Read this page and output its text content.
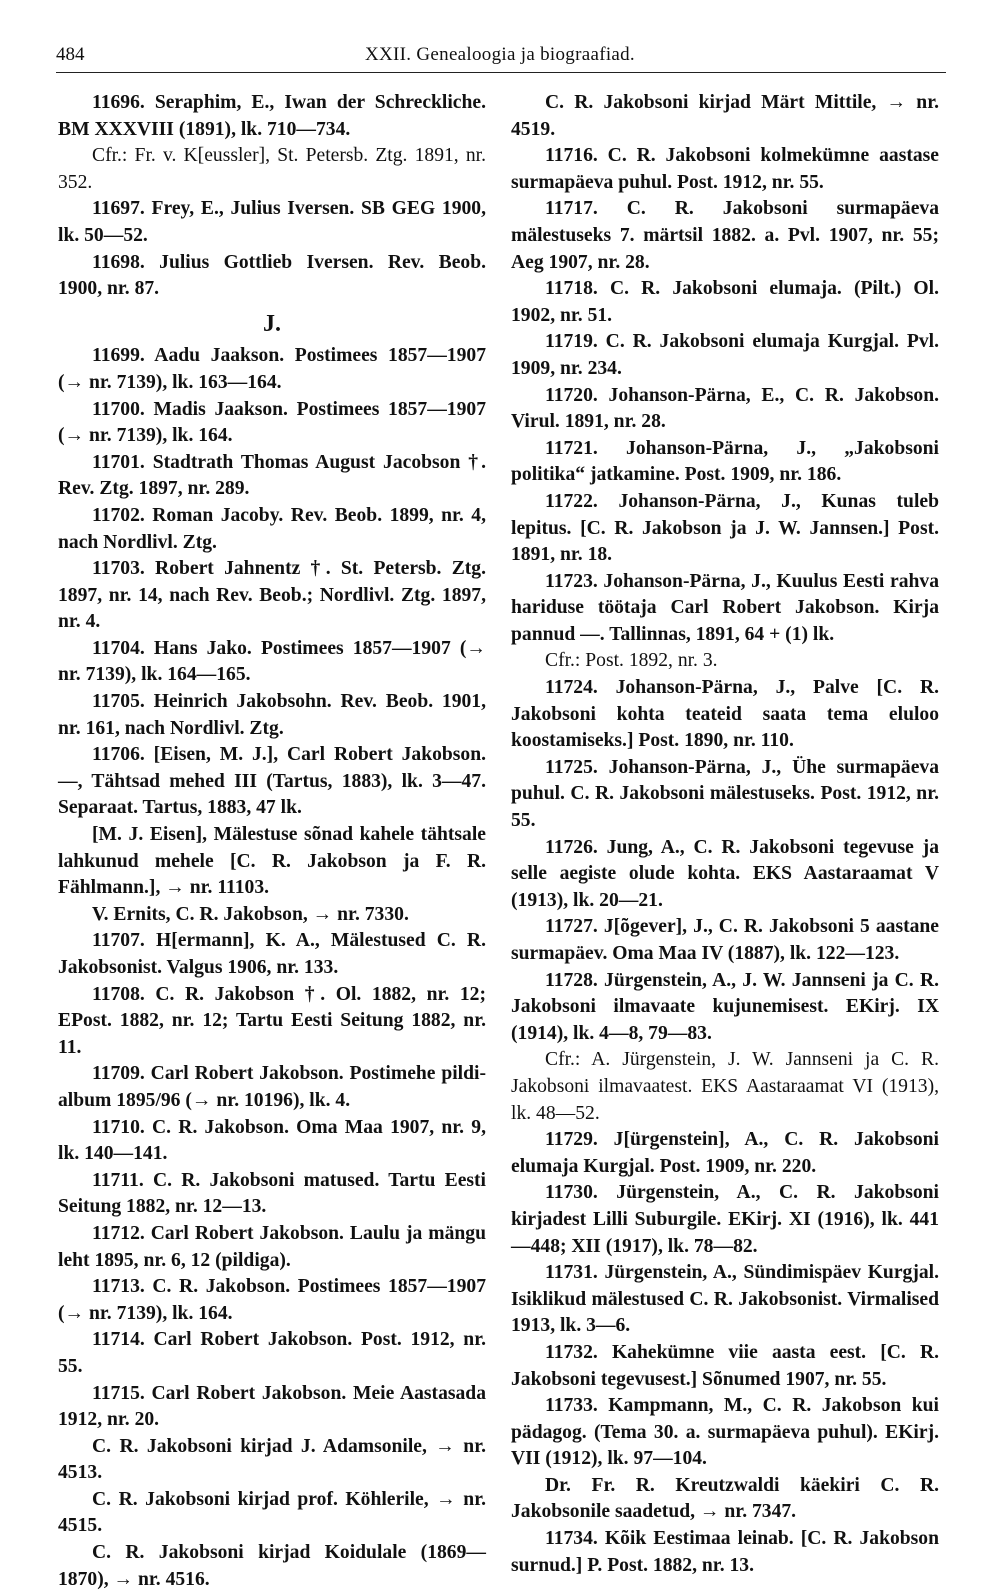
484	XXII. Genealoogia ja biograafiad.

11696. Seraphim, E., Iwan der Schreckliche. BM XXXVIII (1891), lk. 710—734.

Cfr.: Fr. v. K[eussler], St. Petersb. Ztg. 1891, nr. 352.

11697. Frey, E., Julius Iversen. SB GEG 1900, lk. 50—52.

11698. Julius Gottlieb Iversen. Rev. Beob. 1900, nr. 87.

J.

11699. Aadu Jaakson. Postimees 1857—1907 (→ nr. 7139), lk. 163—164.

11700. Madis Jaakson. Postimees 1857—1907 (→ nr. 7139), lk. 164.

11701. Stadtrath Thomas August Jacobson †. Rev. Ztg. 1897, nr. 289.

11702. Roman Jacoby. Rev. Beob. 1899, nr. 4, nach Nordlivl. Ztg.

11703. Robert Jahnentz †. St. Petersb. Ztg. 1897, nr. 14, nach Rev. Beob.; Nordlivl. Ztg. 1897, nr. 4.

11704. Hans Jako. Postimees 1857—1907 (→ nr. 7139), lk. 164—165.

11705. Heinrich Jakobsohn. Rev. Beob. 1901, nr. 161, nach Nordlivl. Ztg.

11706. [Eisen, M. J.], Carl Robert Jakobson. —, Tähtsad mehed III (Tartus, 1883), lk. 3—47. Separaat. Tartus, 1883, 47 lk.

[M. J. Eisen], Mälestuse sõnad kahele tähtsale lahkunud mehele [C. R. Jakobson ja F. R. Fählmann.], → nr. 11103.

V. Ernits, C. R. Jakobson, → nr. 7330.

11707. H[ermann], K. A., Mälestused C. R. Jakobsonist. Valgus 1906, nr. 133.

11708. C. R. Jakobson †. Ol. 1882, nr. 12; EPost. 1882, nr. 12; Tartu Eesti Seitung 1882, nr. 11.

11709. Carl Robert Jakobson. Postimehe pildi-album 1895/96 (→ nr. 10196), lk. 4.

11710. C. R. Jakobson. Oma Maa 1907, nr. 9, lk. 140—141.

11711. C. R. Jakobsoni matused. Tartu Eesti Seitung 1882, nr. 12—13.

11712. Carl Robert Jakobson. Laulu ja mängu leht 1895, nr. 6, 12 (pildiga).

11713. C. R. Jakobson. Postimees 1857—1907 (→ nr. 7139), lk. 164.

11714. Carl Robert Jakobson. Post. 1912, nr. 55.

11715. Carl Robert Jakobson. Meie Aastasada 1912, nr. 20.

C. R. Jakobsoni kirjad J. Adamsonile, → nr. 4513.

C. R. Jakobsoni kirjad prof. Köhlerile, → nr. 4515.

C. R. Jakobsoni kirjad Koidulale (1869—1870), → nr. 4516.

C. R. Jakobsoni kirjad Märt Mittile, → nr. 4519.

11716. C. R. Jakobsoni kolmekümne aastase surmapäeva puhul. Post. 1912, nr. 55.

11717. C. R. Jakobsoni surmapäeva mälestuseks 7. märtsil 1882. a. Pvl. 1907, nr. 55; Aeg 1907, nr. 28.

11718. C. R. Jakobsoni elumaja. (Pilt.) Ol. 1902, nr. 51.

11719. C. R. Jakobsoni elumaja Kurgjal. Pvl. 1909, nr. 234.

11720. Johanson-Pärna, E., C. R. Jakobson. Virul. 1891, nr. 28.

11721. Johanson-Pärna, J., „Jakobsoni politika“ jatkamine. Post. 1909, nr. 186.

11722. Johanson-Pärna, J., Kunas tuleb lepitus. [C. R. Jakobson ja J. W. Jannsen.] Post. 1891, nr. 18.

11723. Johanson-Pärna, J., Kuulus Eesti rahva hariduse töötaja Carl Robert Jakobson. Kirja pannud —. Tallinnas, 1891, 64 + (1) lk.

Cfr.: Post. 1892, nr. 3.

11724. Johanson-Pärna, J., Palve [C. R. Jakobsoni kohta teateid saata tema eluloo koostamiseks.] Post. 1890, nr. 110.

11725. Johanson-Pärna, J., Ühe surmapäeva puhul. C. R. Jakobsoni mälestuseks. Post. 1912, nr. 55.

11726. Jung, A., C. R. Jakobsoni tegevuse ja selle aegiste olude kohta. EKS Aastaraamat V (1913), lk. 20—21.

11727. J[õgever], J., C. R. Jakobsoni 5 aastane surmapäev. Oma Maa IV (1887), lk. 122—123.

11728. Jürgenstein, A., J. W. Jannseni ja C. R. Jakobsoni ilmavaate kujunemisest. EKirj. IX (1914), lk. 4—8, 79—83.

Cfr.: A. Jürgenstein, J. W. Jannseni ja C. R. Jakobsoni ilmavaatest. EKS Aastaraamat VI (1913), lk. 48—52.

11729. J[ürgenstein], A., C. R. Jakobsoni elumaja Kurgjal. Post. 1909, nr. 220.

11730. Jürgenstein, A., C. R. Jakobsoni kirjadest Lilli Suburgile. EKirj. XI (1916), lk. 441—448; XII (1917), lk. 78—82.

11731. Jürgenstein, A., Sündimispäev Kurgjal. Isiklikud mälestused C. R. Jakobsonist. Virmalised 1913, lk. 3—6.

11732. Kahekümne viie aasta eest. [C. R. Jakobsoni tegevusest.] Sõnumed 1907, nr. 55.

11733. Kampmann, M., C. R. Jakobson kui pädagog. (Tema 30. a. surmapäeva puhul). EKirj. VII (1912), lk. 97—104.

Dr. Fr. R. Kreutzwaldi käekiri C. R. Jakobsonile saadetud, → nr. 7347.

11734. Kõik Eestimaa leinab. [C. R. Jakobson surnud.] P. Post. 1882, nr. 13.
